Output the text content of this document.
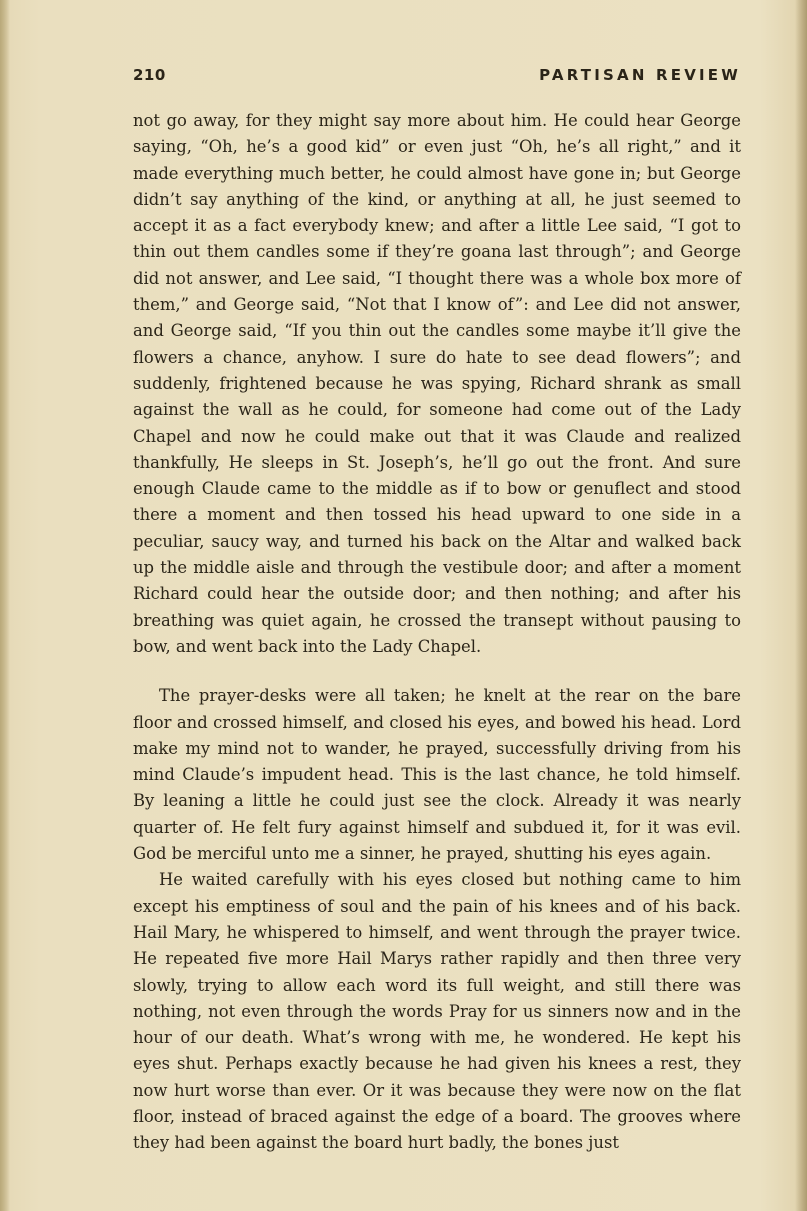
210	PARTISAN REVIEW

not go away, for they might say more about him. He could hear George saying, “Oh, he’s a good kid” or even just “Oh, he’s all right,” and it made everything much better, he could almost have gone in; but George didn’t say anything of the kind, or anything at all, he just seemed to accept it as a fact everybody knew; and after a little Lee said, “I got to thin out them candles some if they’re goana last through”; and George did not answer, and Lee said, “I thought there was a whole box more of them,” and George said, “Not that I know of”: and Lee did not answer, and George said, “If you thin out the candles some maybe it’ll give the flowers a chance, anyhow. I sure do hate to see dead flowers”; and suddenly, frightened because he was spying, Richard shrank as small against the wall as he could, for someone had come out of the Lady Chapel and now he could make out that it was Claude and realized thankfully, He sleeps in St. Joseph’s, he’ll go out the front. And sure enough Claude came to the middle as if to bow or genuflect and stood there a moment and then tossed his head upward to one side in a peculiar, saucy way, and turned his back on the Altar and walked back up the middle aisle and through the vestibule door; and after a moment Richard could hear the outside door; and then nothing; and after his breathing was quiet again, he crossed the transept without pausing to bow, and went back into the Lady Chapel.

The prayer-desks were all taken; he knelt at the rear on the bare floor and crossed himself, and closed his eyes, and bowed his head. Lord make my mind not to wander, he prayed, successfully driving from his mind Claude’s impudent head. This is the last chance, he told himself. By leaning a little he could just see the clock. Already it was nearly quarter of. He felt fury against himself and subdued it, for it was evil. God be merciful unto me a sinner, he prayed, shutting his eyes again.

He waited carefully with his eyes closed but nothing came to him except his emptiness of soul and the pain of his knees and of his back. Hail Mary, he whispered to himself, and went through the prayer twice. He repeated five more Hail Marys rather rapidly and then three very slowly, trying to allow each word its full weight, and still there was nothing, not even through the words Pray for us sinners now and in the hour of our death. What’s wrong with me, he wondered. He kept his eyes shut. Perhaps exactly because he had given his knees a rest, they now hurt worse than ever. Or it was because they were now on the flat floor, instead of braced against the edge of a board. The grooves where they had been against the board hurt badly, the bones just
